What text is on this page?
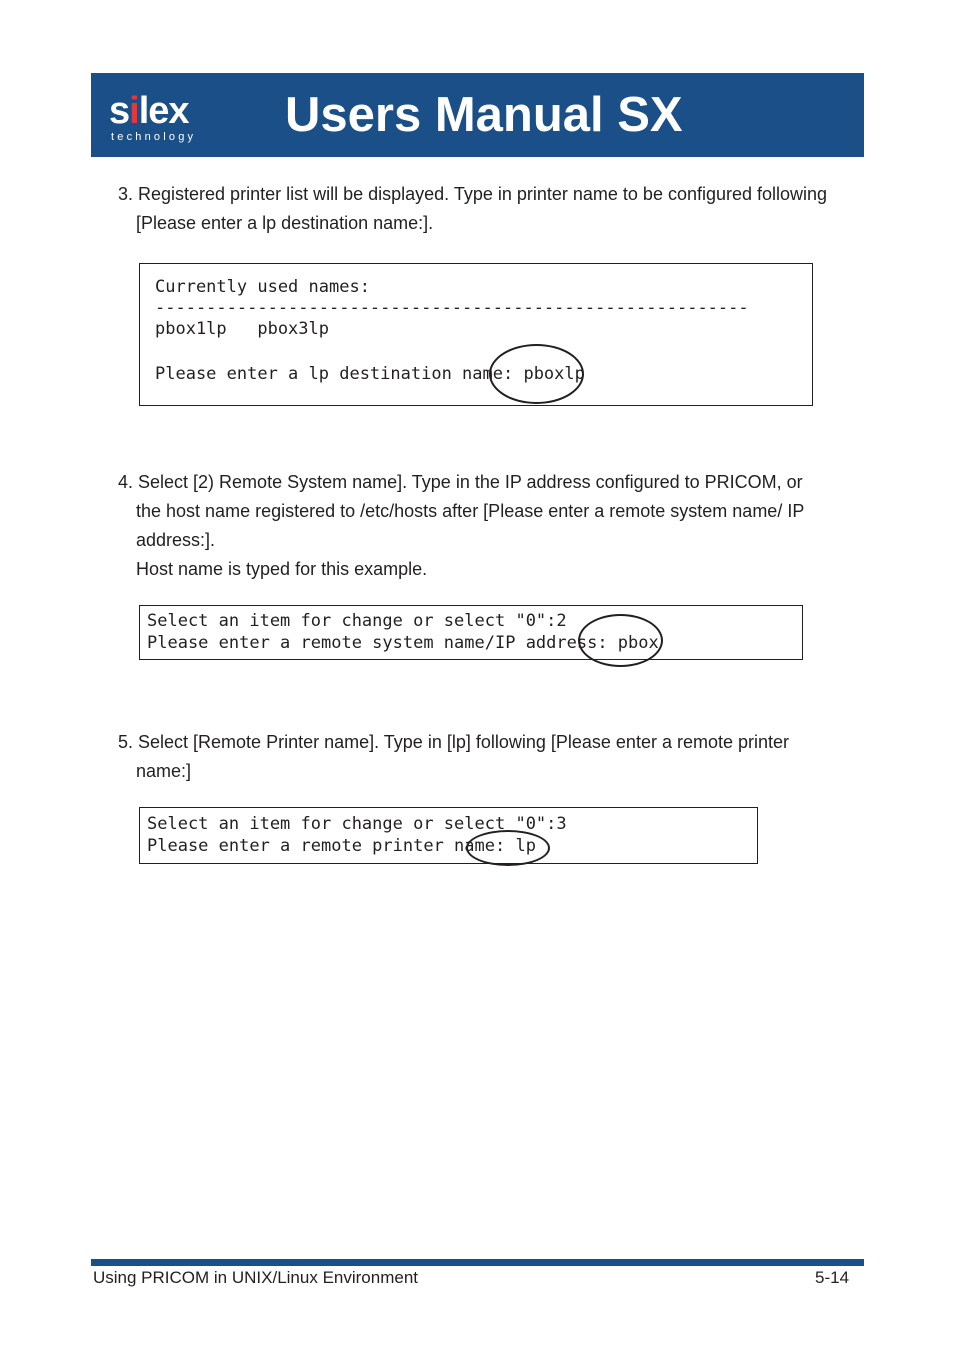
silex
technology Users Manual SX
3. Registered printer list will be displayed. Type in printer name to be configured following
[Please enter a lp destination name:].
Currently used names:
----------------------------------------------------------
pbox1lp   pbox3lp
Please enter a lp destination name: pboxlp
4. Select [2) Remote System name]. Type in the IP address configured to PRICOM, or
the host name registered to /etc/hosts after [Please enter a remote system name/ IP
address:].
Host name is typed for this example.
Select an item for change or select "0":2
Please enter a remote system name/IP address: pbox
5. Select [Remote Printer name]. Type in [lp] following [Please enter a remote printer
name:]
Select an item for change or select "0":3
Please enter a remote printer name: lp
Using PRICOM in UNIX/Linux Environment	5-14
